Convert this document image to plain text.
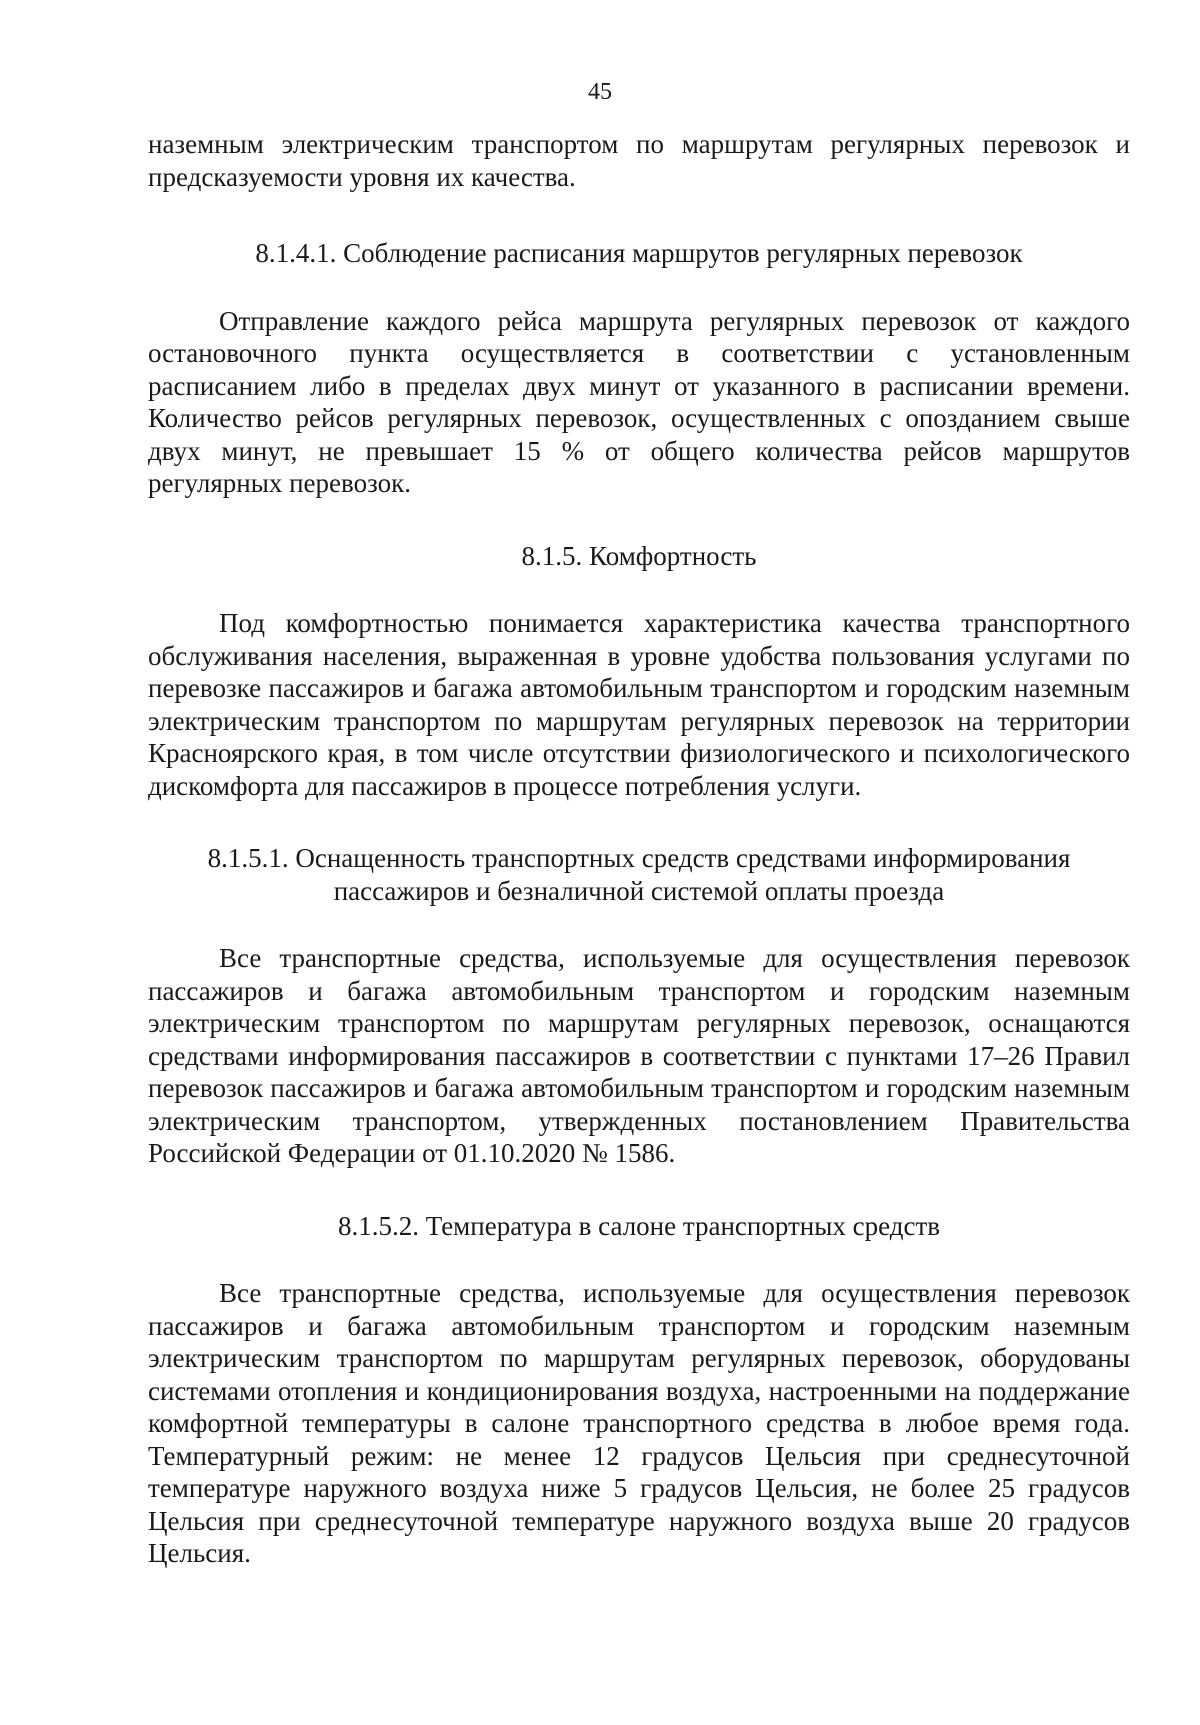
45

наземным электрическим транспортом по маршрутам регулярных перевозок и предсказуемости уровня их качества.

8.1.4.1. Соблюдение расписания маршрутов регулярных перевозок

Отправление каждого рейса маршрута регулярных перевозок от каждого остановочного пункта осуществляется в соответствии с установленным расписанием либо в пределах двух минут от указанного в расписании времени. Количество рейсов регулярных перевозок, осуществленных с опозданием свыше двух минут, не превышает 15 % от общего количества рейсов маршрутов регулярных перевозок.

8.1.5. Комфортность

Под комфортностью понимается характеристика качества транспортного обслуживания населения, выраженная в уровне удобства пользования услугами по перевозке пассажиров и багажа автомобильным транспортом и городским наземным электрическим транспортом по маршрутам регулярных перевозок на территории Красноярского края, в том числе отсутствии физиологического и психологического дискомфорта для пассажиров в процессе потребления услуги.

8.1.5.1. Оснащенность транспортных средств средствами информирования
пассажиров и безналичной системой оплаты проезда

Все транспортные средства, используемые для осуществления перевозок пассажиров и багажа автомобильным транспортом и городским наземным электрическим транспортом по маршрутам регулярных перевозок, оснащаются средствами информирования пассажиров в соответствии с пунктами 17–26 Правил перевозок пассажиров и багажа автомобильным транспортом и городским наземным электрическим транспортом, утвержденных постановлением Правительства Российской Федерации от 01.10.2020 № 1586.

8.1.5.2. Температура в салоне транспортных средств

Все транспортные средства, используемые для осуществления перевозок пассажиров и багажа автомобильным транспортом и городским наземным электрическим транспортом по маршрутам регулярных перевозок, оборудованы системами отопления и кондиционирования воздуха, настроенными на поддержание комфортной температуры в салоне транспортного средства в любое время года. Температурный режим: не менее 12 градусов Цельсия при среднесуточной температуре наружного воздуха ниже 5 градусов Цельсия, не более 25 градусов Цельсия при среднесуточной температуре наружного воздуха выше 20 градусов Цельсия.
